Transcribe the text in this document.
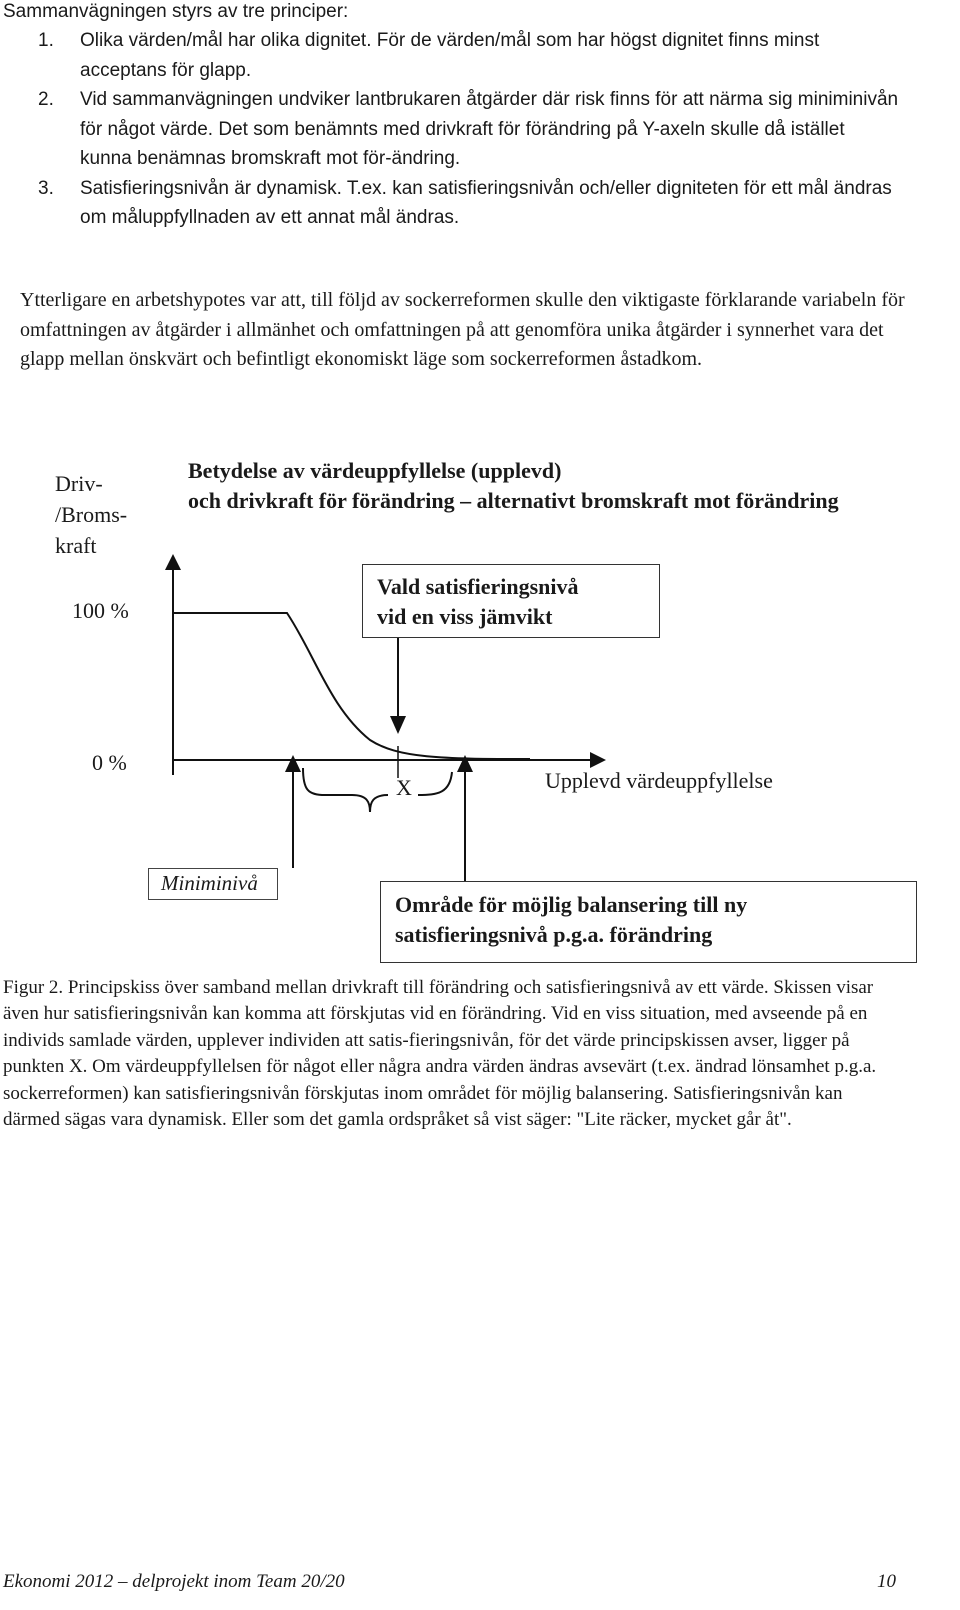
Sammanvägningen styrs av tre principer:

1. Olika värden/mål har olika dignitet. För de värden/mål som har högst dignitet finns minst acceptans för glapp.
2. Vid sammanvägningen undviker lantbrukaren åtgärder där risk finns för att närma sig miniminivån för något värde. Det som benämnts med drivkraft för förändring på Y-axeln skulle då istället kunna benämnas bromskraft mot för-ändring.
3. Satisfieringsnivån är dynamisk. T.ex. kan satisfieringsnivån och/eller digniteten för ett mål ändras om måluppfyllnaden av ett annat mål ändras.

Ytterligare en arbetshypotes var att, till följd av sockerreformen skulle den viktigaste förklarande variabeln för omfattningen av åtgärder i allmänhet och omfattningen på att genomföra unika åtgärder i synnerhet vara det glapp mellan önskvärt och befintligt ekonomiskt läge som sockerreformen åstadkom.

Driv-
/Broms-
kraft
100 %
0 %
Betydelse av värdeuppfyllelse (upplevd)
och drivkraft för förändring – alternativt bromskraft mot förändring
Vald satisfieringsnivå
vid en viss jämvikt
X	Upplevd värdeuppfyllelse
Miniminivå
Område för möjlig balansering till ny
satisfieringsnivå p.g.a. förändring

Figur 2. Principskiss över samband mellan drivkraft till förändring och satisfieringsnivå av ett värde. Skissen visar även hur satisfieringsnivån kan komma att förskjutas vid en förändring. Vid en viss situation, med avseende på en individs samlade värden, upplever individen att satis-fieringsnivån, för det värde principskissen avser, ligger på punkten X. Om värdeuppfyllelsen för något eller några andra värden ändras avsevärt (t.ex. ändrad lönsamhet p.g.a. sockerreformen) kan satisfieringsnivån förskjutas inom området för möjlig balansering. Satisfieringsnivån kan därmed sägas vara dynamisk. Eller som det gamla ordspråket så vist säger: "Lite räcker, mycket går åt".

Ekonomi 2012 – delprojekt inom Team 20/20	10
